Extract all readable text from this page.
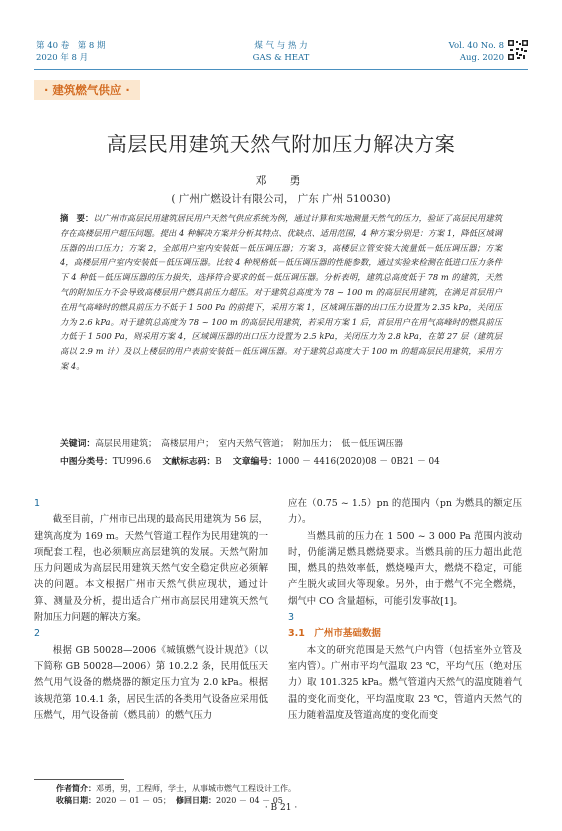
第 40 卷　第 8 期
2020 年 8 月
煤 气 与 热 力
GAS & HEAT
Vol. 40 No. 8
Aug. 2020
· 建筑燃气供应 ·
高层民用建筑天然气附加压力解决方案
邓　勇
( 广州广燃设计有限公司， 广东 广州 510030)
摘　要：以广州市高层民用建筑居民用户天然气供应系统为例，通过计算和实地测量天然气的压力，验证了高层民用建筑存在高楼层用户超压问题。提出 4 种解决方案并分析其特点、优缺点、适用范围，4 种方案分别是：方案 1，降低区域调压器的出口压力；方案 2，全部用户室内安装低－低压调压器；方案 3，高楼层立管安装大流量低－低压调压器；方案 4，高楼层用户室内安装低－低压调压器。比较 4 种规格低－低压调压器的性能参数，通过实验来检测在低进口压力条件下 4 种低－低压调压器的压力损失，选择符合要求的低－低压调压器。分析表明，建筑总高度低于 78 m 的建筑，天然气的附加压力不会导致高楼层用户燃具前压力超压。对于建筑总高度为 78 ~ 100 m 的高层民用建筑，在满足首层用户在用气高峰时的燃具前压力不低于 1 500 Pa 的前提下，采用方案 1，区域调压器的出口压力设置为 2.35 kPa，关闭压力为 2.6 kPa。对于建筑总高度为 78 ~ 100 m 的高层民用建筑，若采用方案 1 后，首层用户在用气高峰时的燃具前压力低于 1 500 Pa，则采用方案 4，区域调压器的出口压力设置为 2.5 kPa，关闭压力为 2.8 kPa，在第 27 层（建筑层高以 2.9 m 计）及以上楼层的用户表前安装低－低压调压器。对于建筑总高度大于 100 m 的超高层民用建筑，采用方案 4。
关键词：高层民用建筑；　高楼层用户；　室内天然气管道；　附加压力；　低－低压调压器
中图分类号：TU996.6 文献标志码：B 文章编号：1000 － 4416(2020)08 － 0B21 － 04
1

截至目前，广州市已出现的最高民用建筑为 56 层，建筑高度为 169 m。天然气管道工程作为民用建筑的一项配套工程，也必须顺应高层建筑的发展。天然气附加压力问题成为高层民用建筑天然气安全稳定供应必须解决的问题。本文根据广州市天然气供应现状，通过计算、测量及分析，提出适合广州市高层民用建筑天然气附加压力问题的解决方案。

2

根据 GB 50028—2006《城镇燃气设计规范》（以下简称 GB 50028—2006）第 10.2.2 条，民用低压天然气用气设备的燃烧器的额定压力宜为 2.0 kPa。根据该规范第 10.4.1 条，居民生活的各类用气设备应采用低压燃气，用气设备前（燃具前）的燃气压力

应在（0.75 ~ 1.5）pn 的范围内（pn 为燃具的额定压力）。

当燃具前的压力在 1 500 ~ 3 000 Pa 范围内波动时，仍能满足燃具燃烧要求。当燃具前的压力超出此范围，燃具的热效率低，燃烧噪声大，燃烧不稳定，可能产生脱火或回火等现象。另外，由于燃气不完全燃烧，烟气中 CO 含量超标，可能引发事故[1]。

3
3.1　广州市基础数据

本文的研究范围是天然气户内管（包括室外立管及室内管）。广州市平均气温取 23 ℃，平均气压（绝对压力）取 101.325 kPa。燃气管道内天然气的温度随着气温的变化而变化，平均温度取 23 ℃，管道内天然气的压力随着温度及管道高度的变化而变

作者简介：邓勇，男，工程师，学士，从事城市燃气工程设计工作。
收稿日期：2020 － 01 － 05； 修回日期：2020 － 04 － 05
· B 21 ·
